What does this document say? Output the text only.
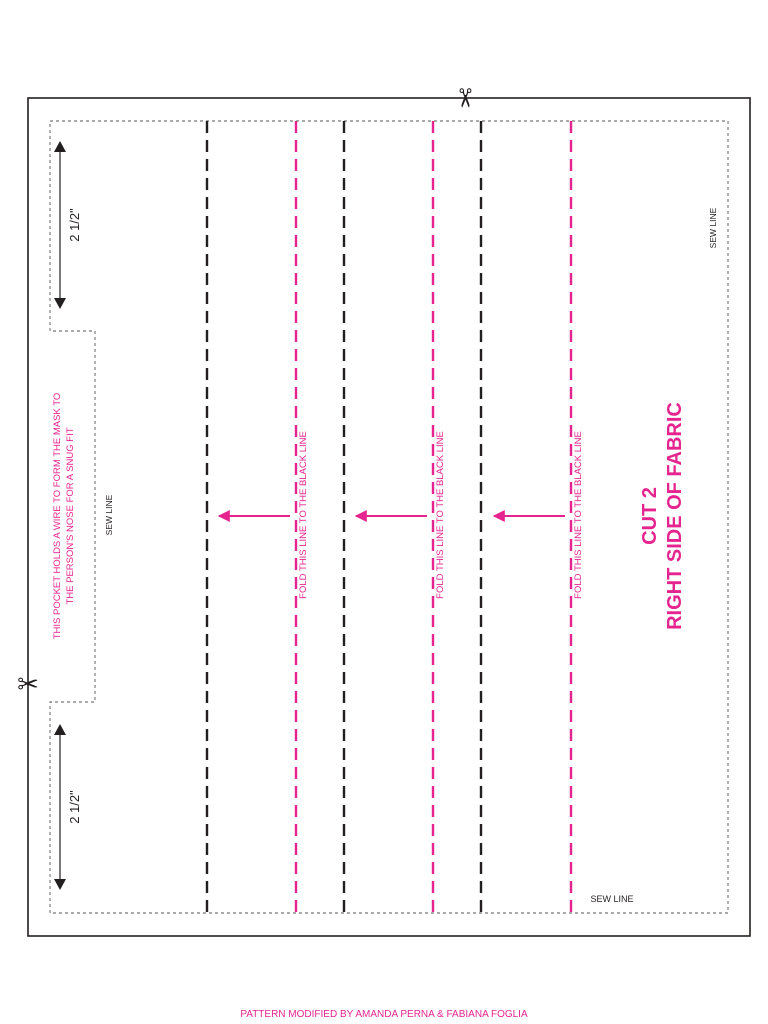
✂
✂
FOLD THIS LINE TO THE BLACK LINE	FOLD THIS LINE TO THE BLACK LINE	FOLD THIS LINE TO THE BLACK LINE
2 1/2"
2 1/2"
THIS POCKET HOLDS A WIRE TO FORM THE MASK TO THE PERSON'S NOSE FOR A SNUG FIT	SEW LINE
SEW LINE
SEW LINE
CUT 2 RIGHT SIDE OF FABRIC
PATTERN MODIFIED BY AMANDA PERNA & FABIANA FOGLIA
